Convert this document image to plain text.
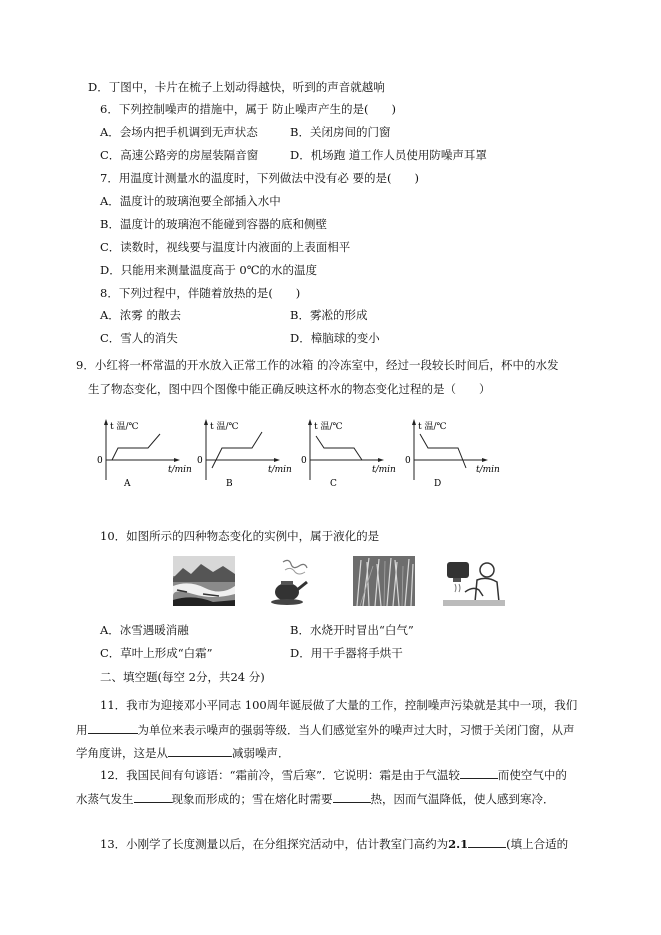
D．丁图中，卡片在梳子上划动得越快，听到的声音就越响
6．下列控制噪声的措施中，属于 防止噪声产生的是(　　)
A．会场内把手机调到无声状态	B．关闭房间的门窗
C．高速公路旁的房屋装隔音窗	D．机场跑 道工作人员使用防噪声耳罩
7．用温度计测量水的温度时，下列做法中没有必 要的是(　　)
A．温度计的玻璃泡要全部插入水中
B．温度计的玻璃泡不能碰到容器的底和侧壁
C．读数时，视线要与温度计内液面的上表面相平
D．只能用来测量温度高于 0℃的水的温度
8．下列过程中，伴随着放热的是(　　)
A．浓雾 的散去	B．雾凇的形成
C．雪人的消失	D．樟脑球的变小
9．小红将一杯常温的开水放入正常工作的冰箱 的冷冻室中，经过一段较长时间后，杯中的水发
生了物态变化，图中四个图像中能正确反映这杯水的物态变化过程的是（　　）
t 温/℃
0
t/min
A
t 温/℃
0
t/min
B
t 温/℃
0
t/min
C
t 温/℃
0
t/min
D
10．如图所示的四种物态变化的实例中，属于液化的是
A．冰雪遇暖消融	B．水烧开时冒出“白气”
C．草叶上形成“白霜”	D．用干手器将手烘干
二、填空题(每空 2分，共24 分)
11．我市为迎接邓小平同志 100周年诞辰做了大量的工作，控制噪声污染就是其中一项，我们
用	为单位来表示噪声的强弱等级．当人们感觉室外的噪声过大时，习惯于关闭门窗，从声
学角度讲，这是从	减弱噪声．
12．我国民间有句谚语：“霜前冷，雪后寒”．它说明：霜是由于气温较	而使空气中的
水蒸气发生	现象而形成的；雪在熔化时需要	热，因而气温降低，使人感到寒冷．
13．小刚学了长度测量以后，在分组探究活动中，估计教室门高约为2.1	(填上合适的
